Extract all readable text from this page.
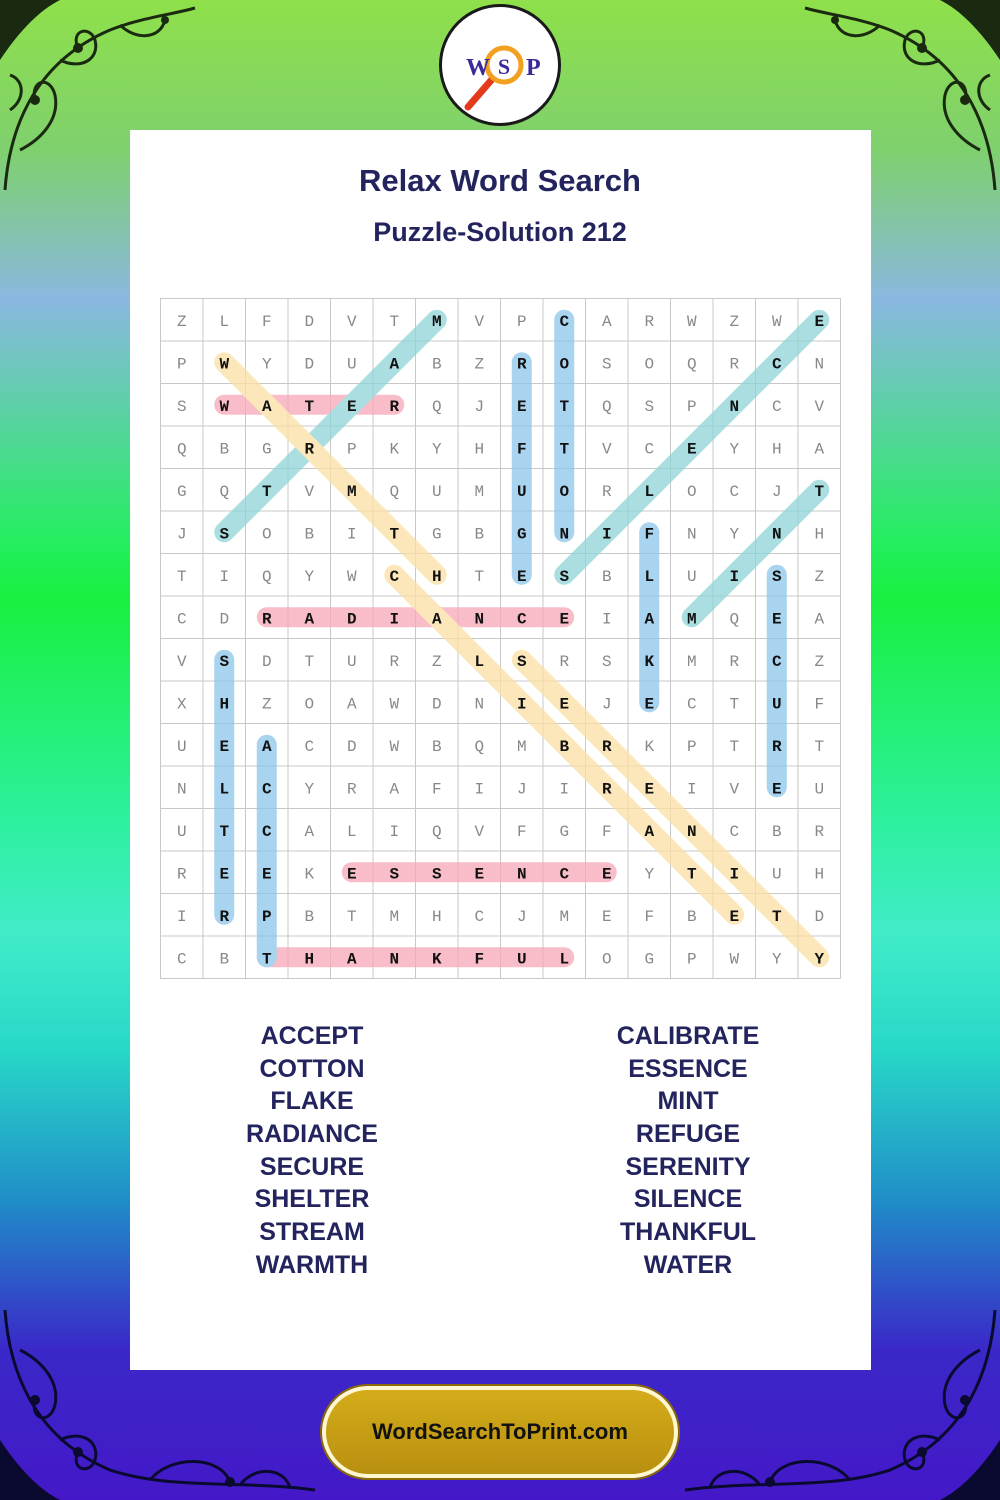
W S P
Relax Word Search
Puzzle-Solution 212
Z L F D V T M V P C A R W Z W E
P W Y D U A B Z R O S O Q R C N
S W A T E R Q J E T Q S P N C V
Q B G R P K Y H F T V C E Y H A
G Q T V M Q U M U O R L O C J T
J S O B I T G B G N I F N Y N H
T I Q Y W C H T E S B L U I S Z
C D R A D I A N C E I A M Q E A
V S D T U R Z L S R S K M R C Z
X H Z O A W D N I E J E C T U F
U E A C D W B Q M B R K P T R T
N L C Y R A F I J I R E I V E U
U T C A L I Q V F G F A N C B R
R E E K E S S E N C E Y T I U H
I R P B T M H C J M E F B E T D
C B T H A N K F U L O G P W Y Y
ACCEPT
COTTON
FLAKE
RADIANCE
SECURE
SHELTER
STREAM
WARMTH
CALIBRATE
ESSENCE
MINT
REFUGE
SERENITY
SILENCE
THANKFUL
WATER
WordSearchToPrint.com
